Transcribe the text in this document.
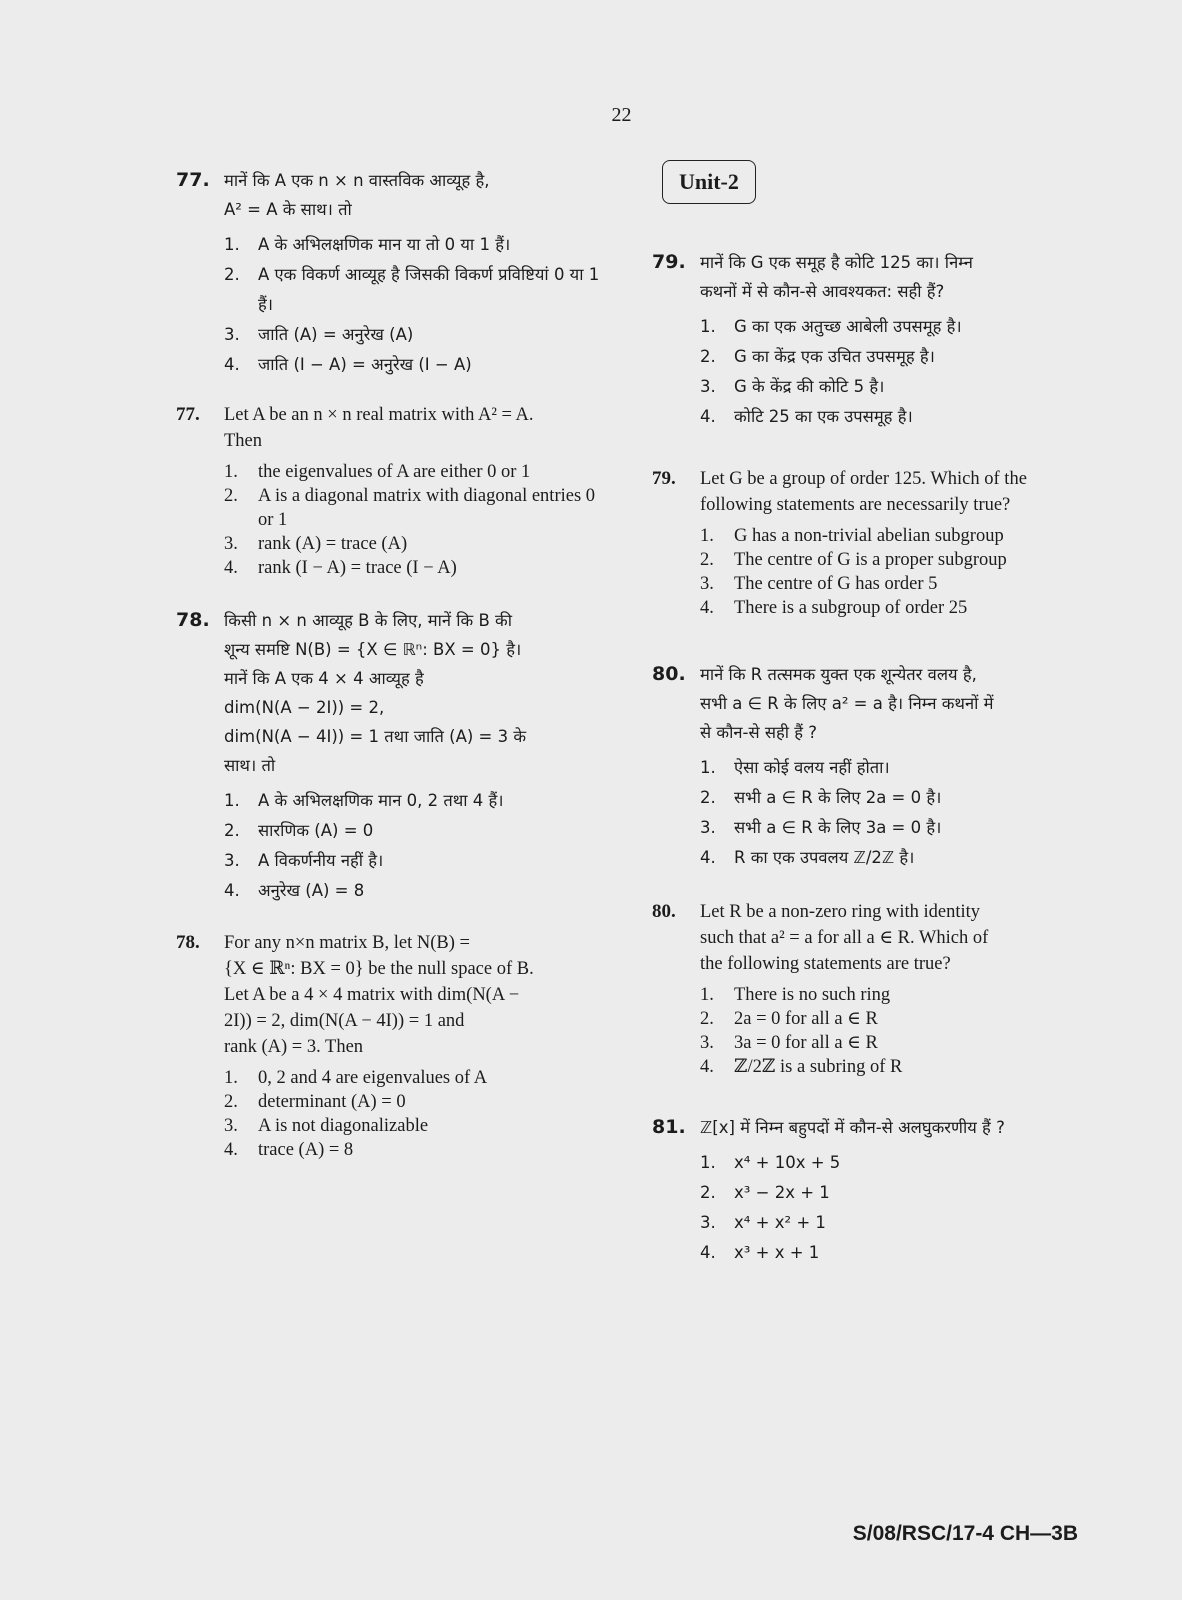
22
77. मानें कि A एक n × n वास्तविक आव्यूह है,
A² = A के साथ। तो
1. A के अभिलक्षणिक मान या तो 0 या 1 हैं।
2. A एक विकर्ण आव्यूह है जिसकी विकर्ण प्रविष्टियां 0 या 1 हैं।
3. जाति (A) = अनुरेख (A)
4. जाति (I − A) = अनुरेख (I − A)
77. Let A be an n × n real matrix with A² = A.
Then
1. the eigenvalues of A are either 0 or 1
2. A is a diagonal matrix with diagonal entries 0 or 1
3. rank (A) = trace (A)
4. rank (I − A) = trace (I − A)
78. किसी n × n आव्यूह B के लिए, मानें कि B की
शून्य समष्टि N(B) = {X ∈ ℝⁿ: BX = 0} है।
मानें कि A एक 4 × 4 आव्यूह है
dim(N(A − 2I)) = 2,
dim(N(A − 4I)) = 1 तथा जाति (A) = 3 के
साथ। तो
1. A के अभिलक्षणिक मान 0, 2 तथा 4 हैं।
2. सारणिक (A) = 0
3. A विकर्णनीय नहीं है।
4. अनुरेख (A) = 8
78. For any n×n matrix B, let N(B) =
{X ∈ ℝⁿ: BX = 0} be the null space of B.
Let A be a 4 × 4 matrix with dim(N(A −
2I)) = 2, dim(N(A − 4I)) = 1 and
rank (A) = 3. Then
1. 0, 2 and 4 are eigenvalues of A
2. determinant (A) = 0
3. A is not diagonalizable
4. trace (A) = 8
Unit-2
79. मानें कि G एक समूह है कोटि 125 का। निम्न
कथनों में से कौन-से आवश्यकत: सही हैं?
1. G का एक अतुच्छ आबेली उपसमूह है।
2. G का केंद्र एक उचित उपसमूह है।
3. G के केंद्र की कोटि 5 है।
4. कोटि 25 का एक उपसमूह है।
79. Let G be a group of order 125. Which of the
following statements are necessarily true?
1. G has a non-trivial abelian subgroup
2. The centre of G is a proper subgroup
3. The centre of G has order 5
4. There is a subgroup of order 25
80. मानें कि R तत्समक युक्त एक शून्येतर वलय है,
सभी a ∈ R के लिए a² = a है। निम्न कथनों में
से कौन-से सही हैं ?
1. ऐसा कोई वलय नहीं होता।
2. सभी a ∈ R के लिए 2a = 0 है।
3. सभी a ∈ R के लिए 3a = 0 है।
4. R का एक उपवलय ℤ/2ℤ है।
80. Let R be a non-zero ring with identity
such that a² = a for all a ∈ R. Which of
the following statements are true?
1. There is no such ring
2. 2a = 0 for all a ∈ R
3. 3a = 0 for all a ∈ R
4. ℤ/2ℤ is a subring of R
81. ℤ[x] में निम्न बहुपदों में कौन-से अलघुकरणीय हैं ?
1. x⁴ + 10x + 5
2. x³ − 2x + 1
3. x⁴ + x² + 1
4. x³ + x + 1
S/08/RSC/17-4 CH—3B
